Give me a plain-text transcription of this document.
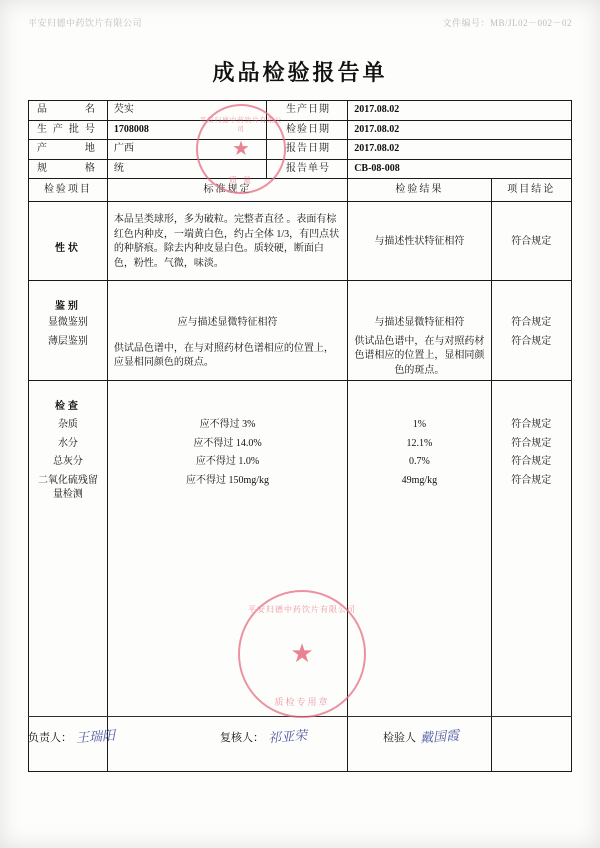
平安归德中药饮片有限公司	文件编号：MB/JL02－002－02
成品检验报告单
品　　名	芡实	生产日期	2017.08.02	
生产批号	1708008	检验日期	2017.08.02	
产　　地	广西	报告日期	2017.08.02	
规　　格	统	报告单号	CB-08-008	
检验项目	标准规定		检验结果	项目结论

性状	本品呈类球形，多为破粒。完整者直径 。表面有棕红色内种皮，一端黄白色，约占全体 1/3，有凹点状的种脐痕。除去内种皮显白色。质较硬，断面白色，粉性。气微，味淡。		与描述性状特征相符	符合规定

鉴别	

显微鉴别	应与描述显微特征相符		与描述显微特征相符	符合规定
薄层鉴别	供试品色谱中，在与对照药材色谱相应的位置上，应显相同颜色的斑点。		供试品色谱中，在与对照药材色谱相应的位置上，显相同颜色的斑点。	符合规定

检查	

杂质	应不得过 3%		1%	符合规定
水分	应不得过 14.0%		12.1%	符合规定
总灰分	应不得过 1.0%		0.7%	符合规定
二氧化硫残留量检测	应不得过 150mg/kg		49mg/kg	符合规定
负责人： 王瑞阳	复核人： 祁亚荣	检验人 戴国霞
平安归德中药饮片有限公司
★
质 量
平安归德中药饮片有限公司
★
质检专用章
